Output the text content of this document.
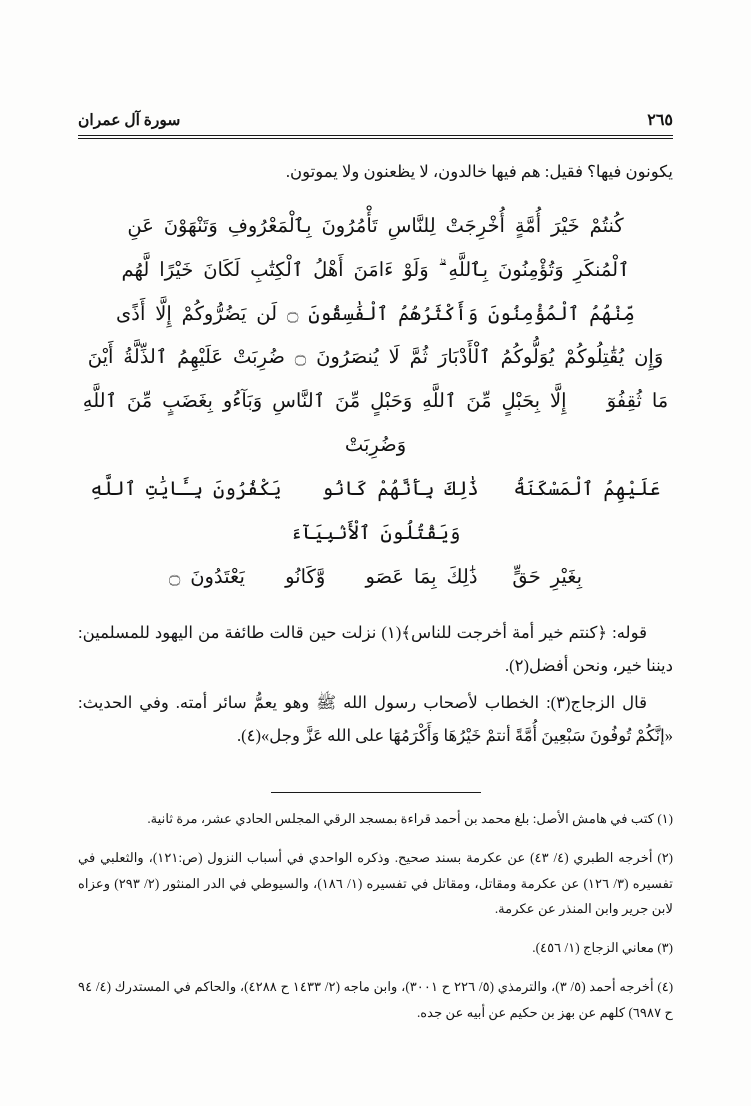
سورة آل عمران	٢٦٥

يكونون فيها؟ فقيل: هم فيها خالدون، لا يظعنون ولا يموتون.

كُنتُمْ خَيْرَ أُمَّةٍ أُخْرِجَتْ لِلنَّاسِ تَأْمُرُونَ بِٱلْمَعْرُوفِ وَتَنْهَوْنَ عَنِ
ٱلْمُنكَرِ وَتُؤْمِنُونَ بِٱللَّهِ ۗ وَلَوْ ءَامَنَ أَهْلُ ٱلْكِتَٰبِ لَكَانَ خَيْرًا لَّهُم
مِّنْهُمُ ٱلْمُؤْمِنُونَ وَأَكْثَرُهُمُ ٱلْفَٰسِقُونَ ۝ لَن يَضُرُّوكُمْ إِلَّا أَذًى
وَإِن يُقَٰتِلُوكُمْ يُوَلُّوكُمُ ٱلْأَدْبَارَ ثُمَّ لَا يُنصَرُونَ ۝ ضُرِبَتْ عَلَيْهِمُ ٱلذِّلَّةُ أَيْنَ
مَا ثُقِفُوٓا۟ إِلَّا بِحَبْلٍ مِّنَ ٱللَّهِ وَحَبْلٍ مِّنَ ٱلنَّاسِ وَبَآءُو بِغَضَبٍ مِّنَ ٱللَّهِ وَضُرِبَتْ
عَلَيْهِمُ ٱلْمَسْكَنَةُ ۚ ذَٰلِكَ بِأَنَّهُمْ كَانُوا۟ يَكْفُرُونَ بِـَٔايَٰتِ ٱللَّهِ وَيَقْتُلُونَ ٱلْأَنۢبِيَآءَ
بِغَيْرِ حَقٍّ ۚ ذَٰلِكَ بِمَا عَصَوا۟ وَّكَانُوا۟ يَعْتَدُونَ ۝

قوله: ﴿كنتم خير أمة أخرجت للناس﴾(١) نزلت حين قالت طائفة من اليهود للمسلمين: ديننا خير، ونحن أفضل(٢).

قال الزجاج(٣): الخطاب لأصحاب رسول الله ﷺ وهو يعمُّ سائر أمته. وفي الحديث: «إنَّكُمْ تُوفُونَ سَبْعِينَ أُمَّةً أنتمْ خَيْرُهَا وَأَكْرَمُهَا على الله عَزَّ وجل»(٤).

(١) كتب في هامش الأصل: بلغ محمد بن أحمد قراءة بمسجد الرقي المجلس الحادي عشر، مرة ثانية.

(٢) أخرجه الطبري (٤/ ٤٣) عن عكرمة بسند صحيح. وذكره الواحدي في أسباب النزول (ص:١٢١)، والثعلبي في تفسيره (٣/ ١٢٦) عن عكرمة ومقاتل، ومقاتل في تفسيره (١/ ١٨٦)، والسيوطي في الدر المنثور (٢/ ٢٩٣) وعزاه لابن جرير وابن المنذر عن عكرمة.

(٣) معاني الزجاج (١/ ٤٥٦).

(٤) أخرجه أحمد (٥/ ٣)، والترمذي (٥/ ٢٢٦ ح ٣٠٠١)، وابن ماجه (٢/ ١٤٣٣ ح ٤٢٨٨)، والحاكم في المستدرك (٤/ ٩٤ ح ٦٩٨٧) كلهم عن بهز بن حكيم عن أبيه عن جده.
